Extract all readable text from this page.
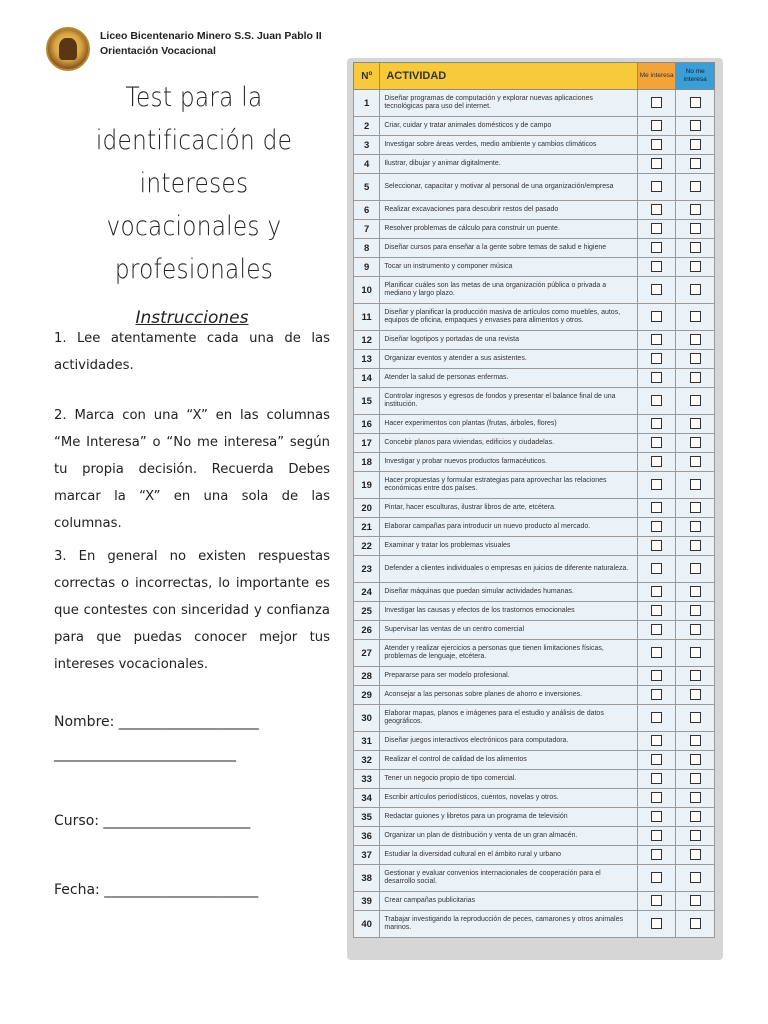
Liceo Bicentenario Minero S.S. Juan Pablo II
Orientación Vocacional
Test para la
identificación de
intereses vocacionales y
profesionales
Instrucciones
1. Lee atentamente cada una de las actividades.
2. Marca con una “X” en las columnas “Me Interesa” o “No me interesa” según tu propia decisión. Recuerda Debes marcar la “X” en una sola de las columnas.
3. En general no existen respuestas correctas o incorrectas, lo importante es que contestes con sinceridad y confianza para que puedas conocer mejor tus intereses vocacionales.
Nombre: ____________________
__________________________
Curso: _____________________
Fecha: ______________________
Nº	ACTIVIDAD	Me interesa	No me interesa
1	Diseñar programas de computación y explorar nuevas aplicaciones tecnológicas para uso del internet.		
2	Criar, cuidar y tratar animales domésticos y de campo		
3	Investigar sobre áreas verdes, medio ambiente y cambios climáticos		
4	Ilustrar, dibujar y animar digitalmente.		
5	Seleccionar, capacitar y motivar al personal de una organización/empresa		
6	Realizar excavaciones para descubrir restos del pasado		
7	Resolver problemas de cálculo para construir un puente.		
8	Diseñar cursos para enseñar a la gente sobre temas de salud e higiene		
9	Tocar un instrumento y componer música		
10	Planificar cuáles son las metas de una organización pública o privada a mediano y largo plazo.		
11	Diseñar y planificar la producción masiva de artículos como muebles, autos, equipos de oficina, empaques y envases para alimentos y otros.		
12	Diseñar logotipos y portadas de una revista		
13	Organizar eventos y atender a sus asistentes.		
14	Atender la salud de personas enfermas.		
15	Controlar ingresos y egresos de fondos y presentar el balance final de una institución.		
16	Hacer experimentos con plantas (frutas, árboles, flores)		
17	Concebir planos para viviendas, edificios y ciudadelas.		
18	Investigar y probar nuevos productos farmacéuticos.		
19	Hacer propuestas y formular estrategias para aprovechar las relaciones económicas entre dos países.		
20	Pintar, hacer esculturas, ilustrar libros de arte, etcétera.		
21	Elaborar campañas para introducir un nuevo producto al mercado.		
22	Examinar y tratar los problemas visuales		
23	Defender a clientes individuales o empresas en juicios de diferente naturaleza.		
24	Diseñar máquinas que puedan simular actividades humanas.		
25	Investigar las causas y efectos de los trastornos emocionales		
26	Supervisar las ventas de un centro comercial		
27	Atender y realizar ejercicios a personas que tienen limitaciones físicas, problemas de lenguaje, etcétera.		
28	Prepararse para ser modelo profesional.		
29	Aconsejar a las personas sobre planes de ahorro e inversiones.		
30	Elaborar mapas, planos e imágenes para el estudio y análisis de datos geográficos.		
31	Diseñar juegos interactivos electrónicos para computadora.		
32	Realizar el control de calidad de los alimentos		
33	Tener un negocio propio de tipo comercial.		
34	Escribir artículos periodísticos, cuentos, novelas y otros.		
35	Redactar guiones y libretos para un programa de televisión		
36	Organizar un plan de distribución y venta de un gran almacén.		
37	Estudiar la diversidad cultural en el ámbito rural y urbano		
38	Gestionar y evaluar convenios internacionales de cooperación para el desarrollo social.		
39	Crear campañas publicitarias		
40	Trabajar investigando la reproducción de peces, camarones y otros animales marinos.		
